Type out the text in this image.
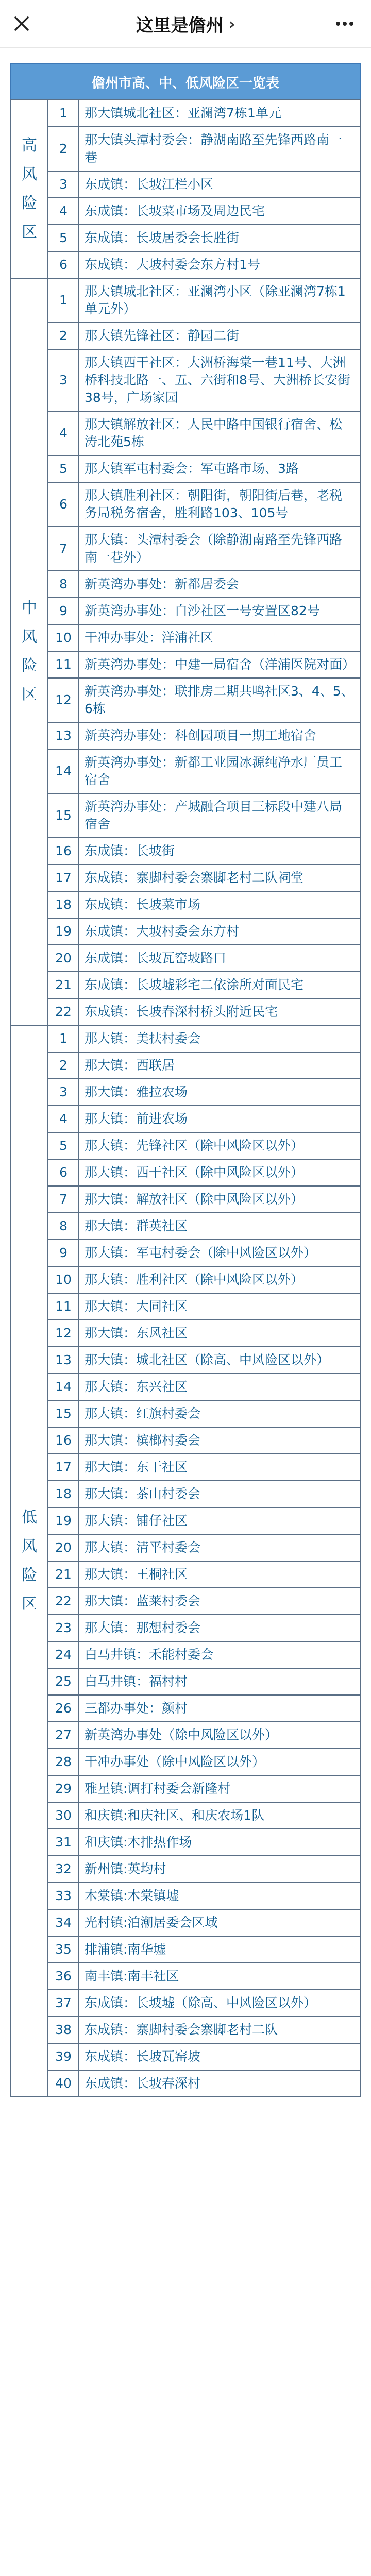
这里是儋州 ›
儋州市高、中、低风险区一览表
高风险区	1	那大镇城北社区：亚澜湾7栋1单元
	2	那大镇头潭村委会：静湖南路至先锋西路南一巷
	3	东成镇：长坡江栏小区
	4	东成镇：长坡菜市场及周边民宅
	5	东成镇：长坡居委会长胜街
	6	东成镇：大坡村委会东方村1号
中风险区	1	那大镇城北社区：亚澜湾小区（除亚澜湾7栋1单元外）
	2	那大镇先锋社区：静园二街
	3	那大镇西干社区：大洲桥海棠一巷11号、大洲桥科技北路一、五、六街和8号、大洲桥长安街38号，广场家园
	4	那大镇解放社区：人民中路中国银行宿舍、松涛北苑5栋
	5	那大镇军屯村委会：军屯路市场、3路
	6	那大镇胜利社区：朝阳街，朝阳街后巷，老税务局税务宿舍，胜利路103、105号
	7	那大镇：头潭村委会（除静湖南路至先锋西路南一巷外）
	8	新英湾办事处：新都居委会
	9	新英湾办事处：白沙社区一号安置区82号
	10	干冲办事处：洋浦社区
	11	新英湾办事处：中建一局宿舍（洋浦医院对面）
	12	新英湾办事处：联排房二期共鸣社区3、4、5、6栋
	13	新英湾办事处：科创园项目一期工地宿舍
	14	新英湾办事处：新都工业园冰源纯净水厂员工宿舍
	15	新英湾办事处：产城融合项目三标段中建八局宿舍
	16	东成镇：长坡街
	17	东成镇：寨脚村委会寨脚老村二队祠堂
	18	东成镇：长坡菜市场
	19	东成镇：大坡村委会东方村
	20	东成镇：长坡瓦窑坡路口
	21	东成镇：长坡墟彩宅二依涂所对面民宅
	22	东成镇：长坡春深村桥头附近民宅
低风险区	1	那大镇：美扶村委会
	2	那大镇：西联居
	3	那大镇：雅拉农场
	4	那大镇：前进农场
	5	那大镇：先锋社区（除中风险区以外）
	6	那大镇：西干社区（除中风险区以外）
	7	那大镇：解放社区（除中风险区以外）
	8	那大镇：群英社区
	9	那大镇：军屯村委会（除中风险区以外）
	10	那大镇：胜利社区（除中风险区以外）
	11	那大镇：大同社区
	12	那大镇：东风社区
	13	那大镇：城北社区（除高、中风险区以外）
	14	那大镇：东兴社区
	15	那大镇：红旗村委会
	16	那大镇：槟榔村委会
	17	那大镇：东干社区
	18	那大镇：茶山村委会
	19	那大镇：铺仔社区
	20	那大镇：清平村委会
	21	那大镇：王桐社区
	22	那大镇：蓝莱村委会
	23	那大镇：那想村委会
	24	白马井镇：禾能村委会
	25	白马井镇：福村村
	26	三都办事处：颜村
	27	新英湾办事处（除中风险区以外）
	28	干冲办事处（除中风险区以外）
	29	雅星镇:调打村委会新隆村
	30	和庆镇:和庆社区、和庆农场1队
	31	和庆镇:木排热作场
	32	新州镇:英均村
	33	木棠镇:木棠镇墟
	34	光村镇:泊潮居委会区域
	35	排浦镇:南华墟
	36	南丰镇:南丰社区
	37	东成镇：长坡墟（除高、中风险区以外）
	38	东成镇：寨脚村委会寨脚老村二队
	39	东成镇：长坡瓦窑坡
	40	东成镇：长坡春深村
